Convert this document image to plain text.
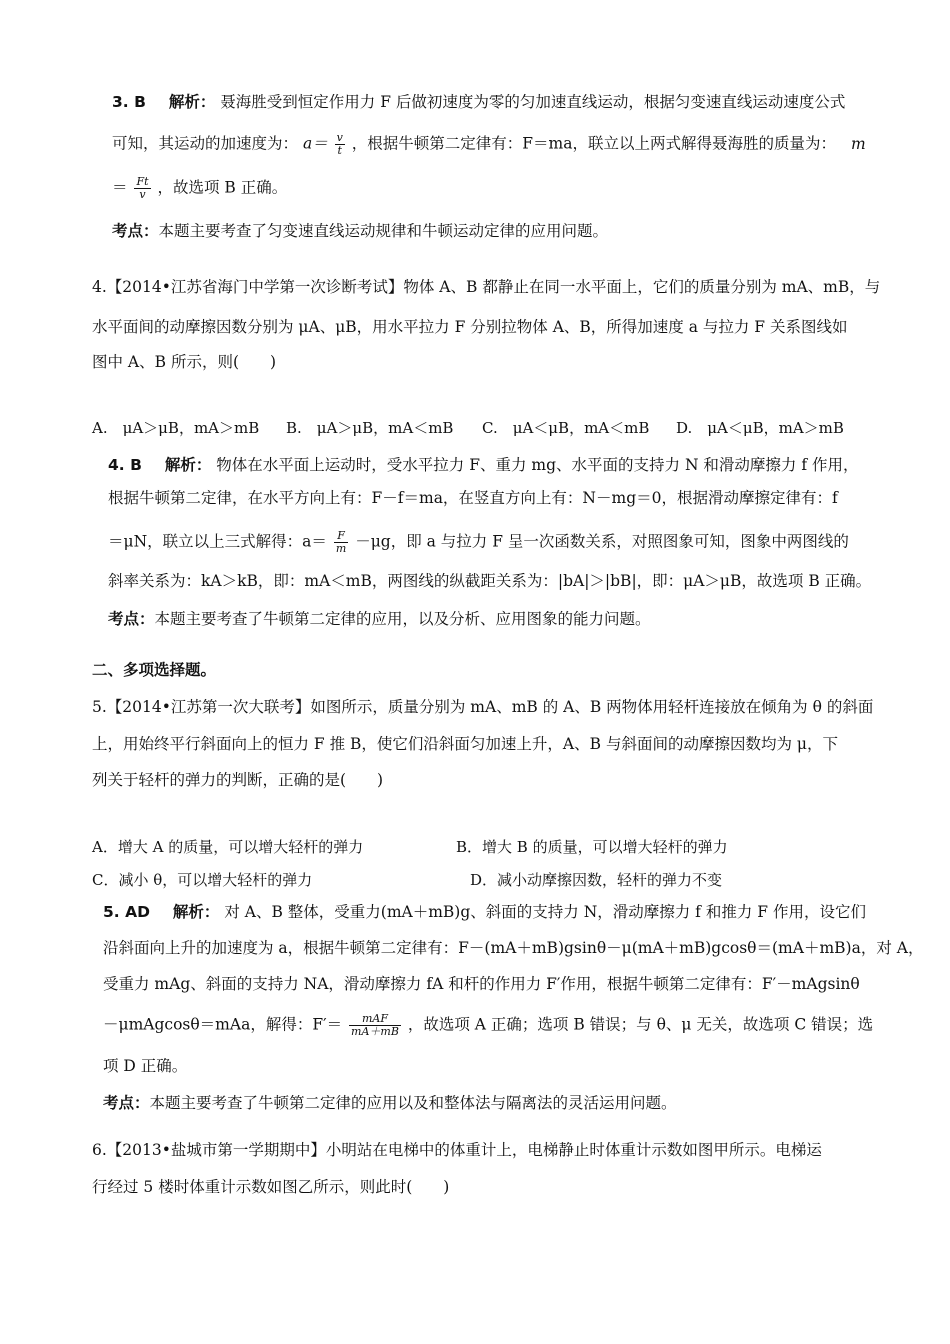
3. B 解析： 聂海胜受到恒定作用力 F 后做初速度为零的匀加速直线运动，根据匀变速直线运动速度公式
可知，其运动的加速度为： $a= \frac{v}{t}$ ，根据牛顿第二定律有：F＝ma，联立以上两式解得聂海胜的质量为： m
＝ $\frac{Ft}{v}$ ，故选项 B 正确。
考点：本题主要考查了匀变速直线运动规律和牛顿运动定律的应用问题。
4.【2014•江苏省海门中学第一次诊断考试】物体 A、B 都静止在同一水平面上，它们的质量分别为 mA、mB，与
水平面间的动摩擦因数分别为 μA、μB，用水平拉力 F 分别拉物体 A、B，所得加速度 a 与拉力 F 关系图线如
图中 A、B 所示，则(　　)
A.　μA＞μB，mA＞mB B.　μA＞μB，mA＜mB C.　μA＜μB，mA＜mB D.　μA＜μB，mA＞mB
4. B 解析： 物体在水平面上运动时，受水平拉力 F、重力 mg、水平面的支持力 N 和滑动摩擦力 f 作用，
根据牛顿第二定律，在水平方向上有：F－f＝ma，在竖直方向上有：N－mg＝0，根据滑动摩擦定律有：f
＝μN，联立以上三式解得：$a= \frac{F}{m} -\mu g$，即 a 与拉力 F 呈一次函数关系，对照图象可知，图象中两图线的
斜率关系为：kA＞kB，即：mA＜mB，两图线的纵截距关系为：|bA|＞|bB|，即：μA＞μB，故选项 B 正确。
考点：本题主要考查了牛顿第二定律的应用，以及分析、应用图象的能力问题。
二、多项选择题。
5.【2014•江苏第一次大联考】如图所示，质量分别为 mA、mB 的 A、B 两物体用轻杆连接放在倾角为 θ 的斜面
上，用始终平行斜面向上的恒力 F 推 B，使它们沿斜面匀加速上升，A、B 与斜面间的动摩擦因数均为 μ，下
列关于轻杆的弹力的判断，正确的是(　　)
A．增大 A 的质量，可以增大轻杆的弹力	B．增大 B 的质量，可以增大轻杆的弹力
C．减小 θ，可以增大轻杆的弹力	D．减小动摩擦因数，轻杆的弹力不变
5. AD 解析： 对 A、B 整体，受重力(mA＋mB)g、斜面的支持力 N，滑动摩擦力 f 和推力 F 作用，设它们
沿斜面向上升的加速度为 a，根据牛顿第二定律有：F－(mA＋mB)gsinθ－μ(mA＋mB)gcosθ＝(mA＋mB)a，对 A，
受重力 mAg、斜面的支持力 NA，滑动摩擦力 fA 和杆的作用力 F′作用，根据牛顿第二定律有：F′－mAgsinθ
－μmAgcosθ＝mAa，解得：$F'= \frac{\text{mAF}}{mA+mB}$ ，故选项 A 正确；选项 B 错误；与 θ、μ 无关，故选项 C 错误；选
项 D 正确。
考点：本题主要考查了牛顿第二定律的应用以及和整体法与隔离法的灵活运用问题。
6.【2013•盐城市第一学期期中】小明站在电梯中的体重计上，电梯静止时体重计示数如图甲所示。电梯运
行经过 5 楼时体重计示数如图乙所示，则此时(　　)
